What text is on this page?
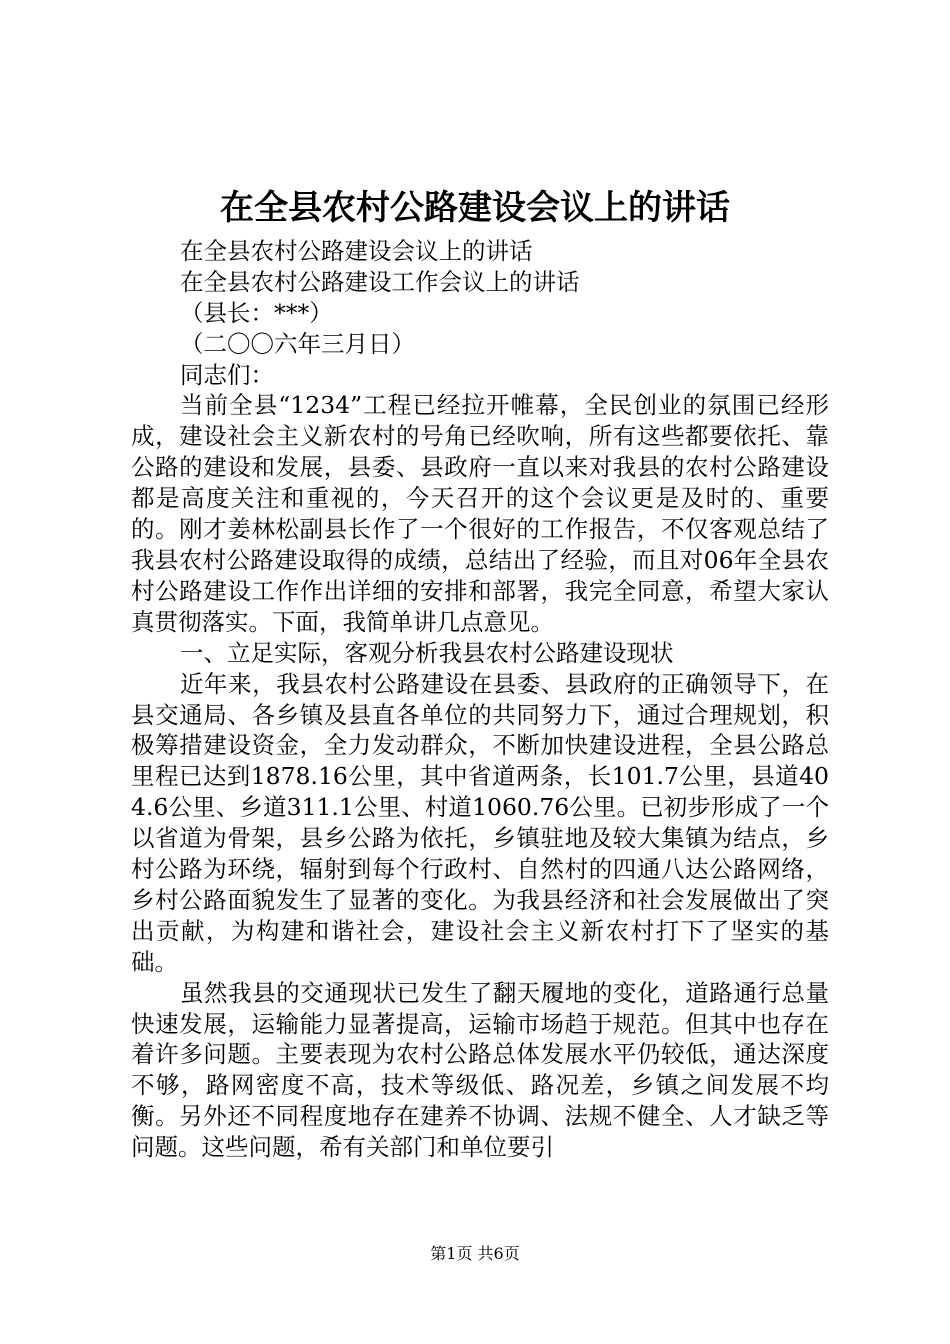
在全县农村公路建设会议上的讲话

在全县农村公路建设会议上的讲话

在全县农村公路建设工作会议上的讲话

（县长：***）

（二〇〇六年三月日）

同志们：

当前全县“1234”工程已经拉开帷幕，全民创业的氛围已经形成，建设社会主义新农村的号角已经吹响，所有这些都要依托、靠公路的建设和发展，县委、县政府一直以来对我县的农村公路建设都是高度关注和重视的，今天召开的这个会议更是及时的、重要的。刚才姜林松副县长作了一个很好的工作报告，不仅客观总结了我县农村公路建设取得的成绩，总结出了经验，而且对06年全县农村公路建设工作作出详细的安排和部署，我完全同意，希望大家认真贯彻落实。下面，我简单讲几点意见。

一、立足实际，客观分析我县农村公路建设现状

近年来，我县农村公路建设在县委、县政府的正确领导下，在县交通局、各乡镇及县直各单位的共同努力下，通过合理规划，积极筹措建设资金，全力发动群众，不断加快建设进程，全县公路总里程已达到1878.16公里，其中省道两条，长101.7公里，县道404.6公里、乡道311.1公里、村道1060.76公里。已初步形成了一个以省道为骨架，县乡公路为依托，乡镇驻地及较大集镇为结点，乡村公路为环绕，辐射到每个行政村、自然村的四通八达公路网络，乡村公路面貌发生了显著的变化。为我县经济和社会发展做出了突出贡献，为构建和谐社会，建设社会主义新农村打下了坚实的基础。

虽然我县的交通现状已发生了翻天履地的变化，道路通行总量快速发展，运输能力显著提高，运输市场趋于规范。但其中也存在着许多问题。主要表现为农村公路总体发展水平仍较低，通达深度不够，路网密度不高，技术等级低、路况差，乡镇之间发展不均衡。另外还不同程度地存在建养不协调、法规不健全、人才缺乏等问题。这些问题，希有关部门和单位要引

第1页 共6页
